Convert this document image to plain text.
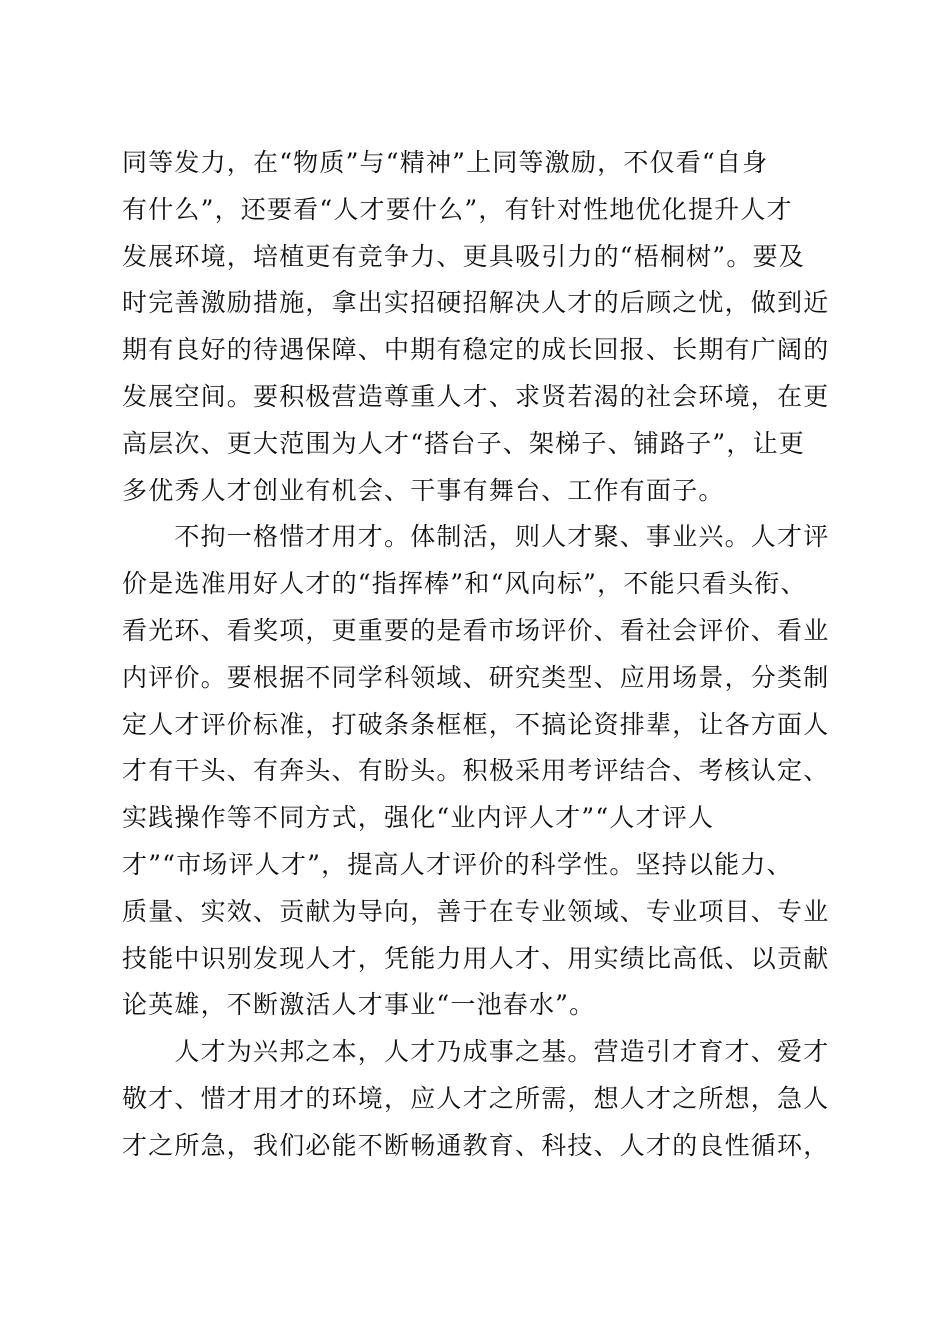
同等发力，在“物质”与“精神”上同等激励，不仅看“自身
有什么”，还要看“人才要什么”，有针对性地优化提升人才
发展环境，培植更有竞争力、更具吸引力的“梧桐树”。要及
时完善激励措施，拿出实招硬招解决人才的后顾之忧，做到近
期有良好的待遇保障、中期有稳定的成长回报、长期有广阔的
发展空间。要积极营造尊重人才、求贤若渴的社会环境，在更
高层次、更大范围为人才“搭台子、架梯子、铺路子”，让更
多优秀人才创业有机会、干事有舞台、工作有面子。
　　不拘一格惜才用才。体制活，则人才聚、事业兴。人才评
价是选准用好人才的“指挥棒”和“风向标”，不能只看头衔、
看光环、看奖项，更重要的是看市场评价、看社会评价、看业
内评价。要根据不同学科领域、研究类型、应用场景，分类制
定人才评价标准，打破条条框框，不搞论资排辈，让各方面人
才有干头、有奔头、有盼头。积极采用考评结合、考核认定、
实践操作等不同方式，强化“业内评人才”“人才评人
才”“市场评人才”，提高人才评价的科学性。坚持以能力、
质量、实效、贡献为导向，善于在专业领域、专业项目、专业
技能中识别发现人才，凭能力用人才、用实绩比高低、以贡献
论英雄，不断激活人才事业“一池春水”。
　　人才为兴邦之本，人才乃成事之基。营造引才育才、爱才
敬才、惜才用才的环境，应人才之所需，想人才之所想，急人
才之所急，我们必能不断畅通教育、科技、人才的良性循环，
